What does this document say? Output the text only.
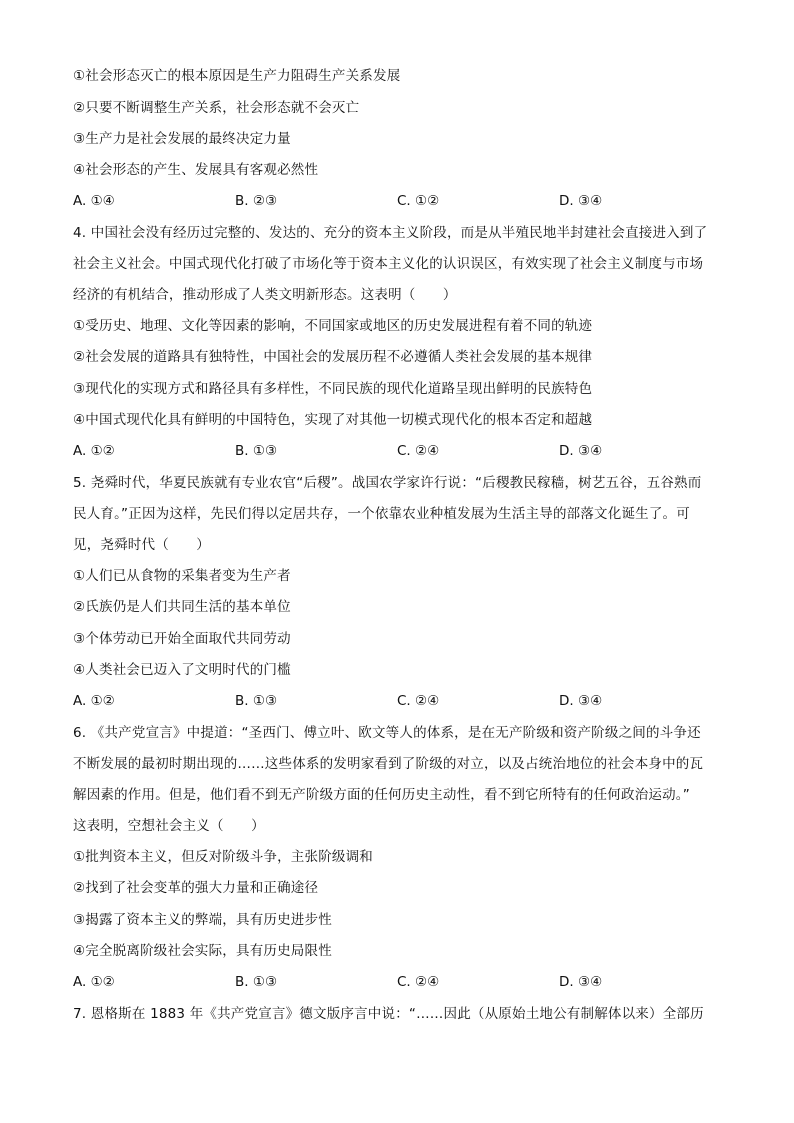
①社会形态灭亡的根本原因是生产力阻碍生产关系发展
②只要不断调整生产关系，社会形态就不会灭亡
③生产力是社会发展的最终决定力量
④社会形态的产生、发展具有客观必然性
A. ①④	B. ②③	C. ①②	D. ③④
4. 中国社会没有经历过完整的、发达的、充分的资本主义阶段，而是从半殖民地半封建社会直接进入到了
社会主义社会。中国式现代化打破了市场化等于资本主义化的认识误区，有效实现了社会主义制度与市场
经济的有机结合，推动形成了人类文明新形态。这表明（　　）
①受历史、地理、文化等因素的影响，不同国家或地区的历史发展进程有着不同的轨迹
②社会发展的道路具有独特性，中国社会的发展历程不必遵循人类社会发展的基本规律
③现代化的实现方式和路径具有多样性，不同民族的现代化道路呈现出鲜明的民族特色
④中国式现代化具有鲜明的中国特色，实现了对其他一切模式现代化的根本否定和超越
A. ①②	B. ①③	C. ②④	D. ③④
5. 尧舜时代，华夏民族就有专业农官“后稷”。战国农学家许行说：“后稷教民稼穑，树艺五谷，五谷熟而
民人育。”正因为这样，先民们得以定居共存，一个依靠农业种植发展为生活主导的部落文化诞生了。可
见，尧舜时代（　　）
①人们已从食物的采集者变为生产者
②氏族仍是人们共同生活的基本单位
③个体劳动已开始全面取代共同劳动
④人类社会已迈入了文明时代的门槛
A. ①②	B. ①③	C. ②④	D. ③④
6. 《共产党宣言》中提道：“圣西门、傅立叶、欧文等人的体系，是在无产阶级和资产阶级之间的斗争还
不断发展的最初时期出现的……这些体系的发明家看到了阶级的对立，以及占统治地位的社会本身中的瓦
解因素的作用。但是，他们看不到无产阶级方面的任何历史主动性，看不到它所特有的任何政治运动。”
这表明，空想社会主义（　　）
①批判资本主义，但反对阶级斗争，主张阶级调和
②找到了社会变革的强大力量和正确途径
③揭露了资本主义的弊端，具有历史进步性
④完全脱离阶级社会实际，具有历史局限性
A. ①②	B. ①③	C. ②④	D. ③④
7. 恩格斯在 1883 年《共产党宣言》德文版序言中说：“……因此（从原始土地公有制解体以来）全部历
